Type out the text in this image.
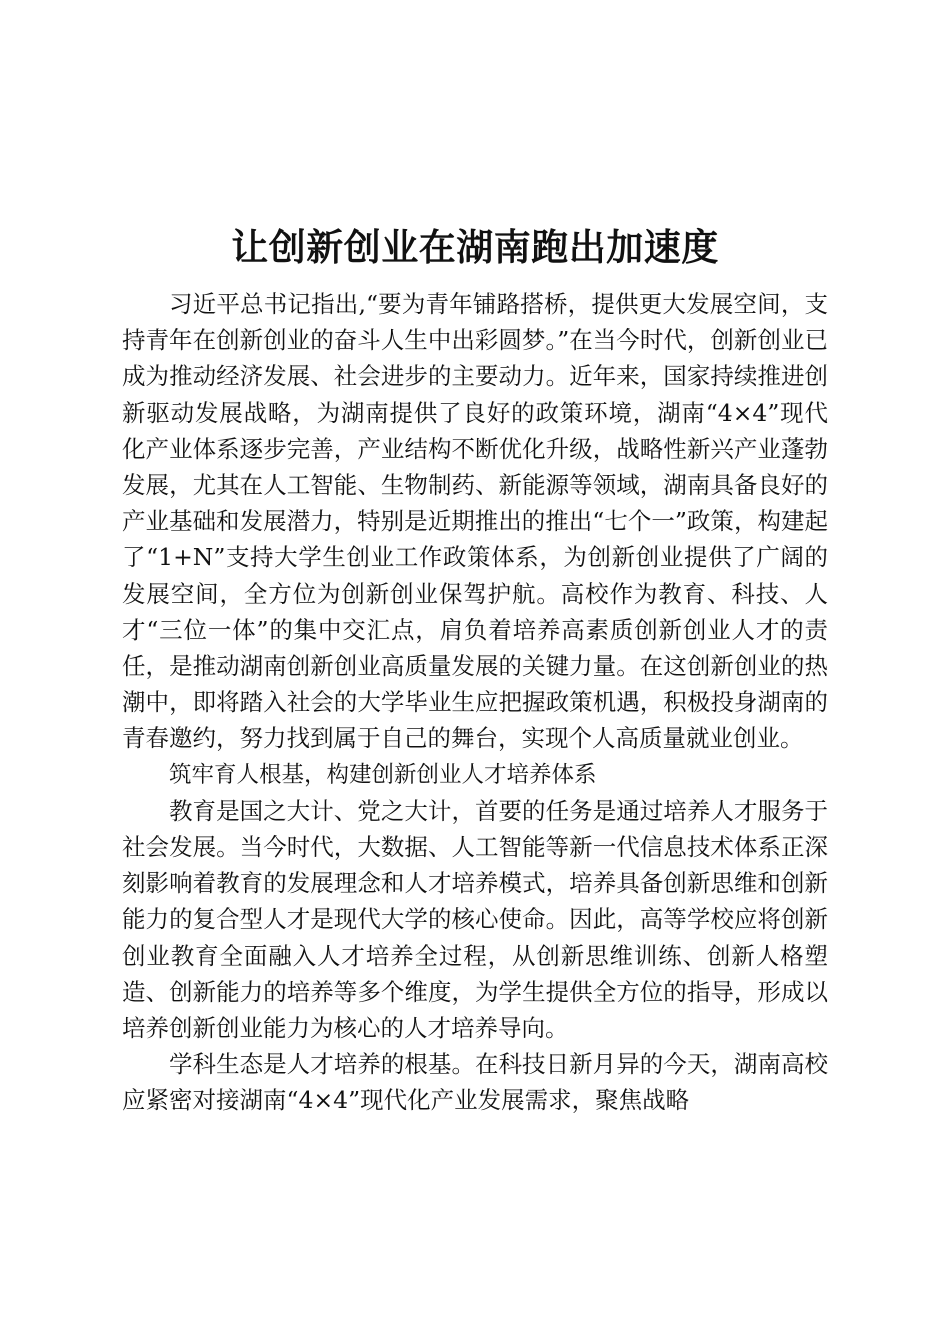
让创新创业在湖南跑出加速度

习近平总书记指出,“要为青年铺路搭桥，提供更大发展空间，支持青年在创新创业的奋斗人生中出彩圆梦。”在当今时代，创新创业已成为推动经济发展、社会进步的主要动力。近年来，国家持续推进创新驱动发展战略，为湖南提供了良好的政策环境，湖南“4×4”现代化产业体系逐步完善，产业结构不断优化升级，战略性新兴产业蓬勃发展，尤其在人工智能、生物制药、新能源等领域，湖南具备良好的产业基础和发展潜力，特别是近期推出的推出“七个一”政策，构建起了“1+N”支持大学生创业工作政策体系，为创新创业提供了广阔的发展空间，全方位为创新创业保驾护航。高校作为教育、科技、人才“三位一体”的集中交汇点，肩负着培养高素质创新创业人才的责任，是推动湖南创新创业高质量发展的关键力量。在这创新创业的热潮中，即将踏入社会的大学毕业生应把握政策机遇，积极投身湖南的青春邀约，努力找到属于自己的舞台，实现个人高质量就业创业。

筑牢育人根基，构建创新创业人才培养体系

教育是国之大计、党之大计，首要的任务是通过培养人才服务于社会发展。当今时代，大数据、人工智能等新一代信息技术体系正深刻影响着教育的发展理念和人才培养模式，培养具备创新思维和创新能力的复合型人才是现代大学的核心使命。因此，高等学校应将创新创业教育全面融入人才培养全过程，从创新思维训练、创新人格塑造、创新能力的培养等多个维度，为学生提供全方位的指导，形成以培养创新创业能力为核心的人才培养导向。

学科生态是人才培养的根基。在科技日新月异的今天，湖南高校应紧密对接湖南“4×4”现代化产业发展需求，聚焦战略
